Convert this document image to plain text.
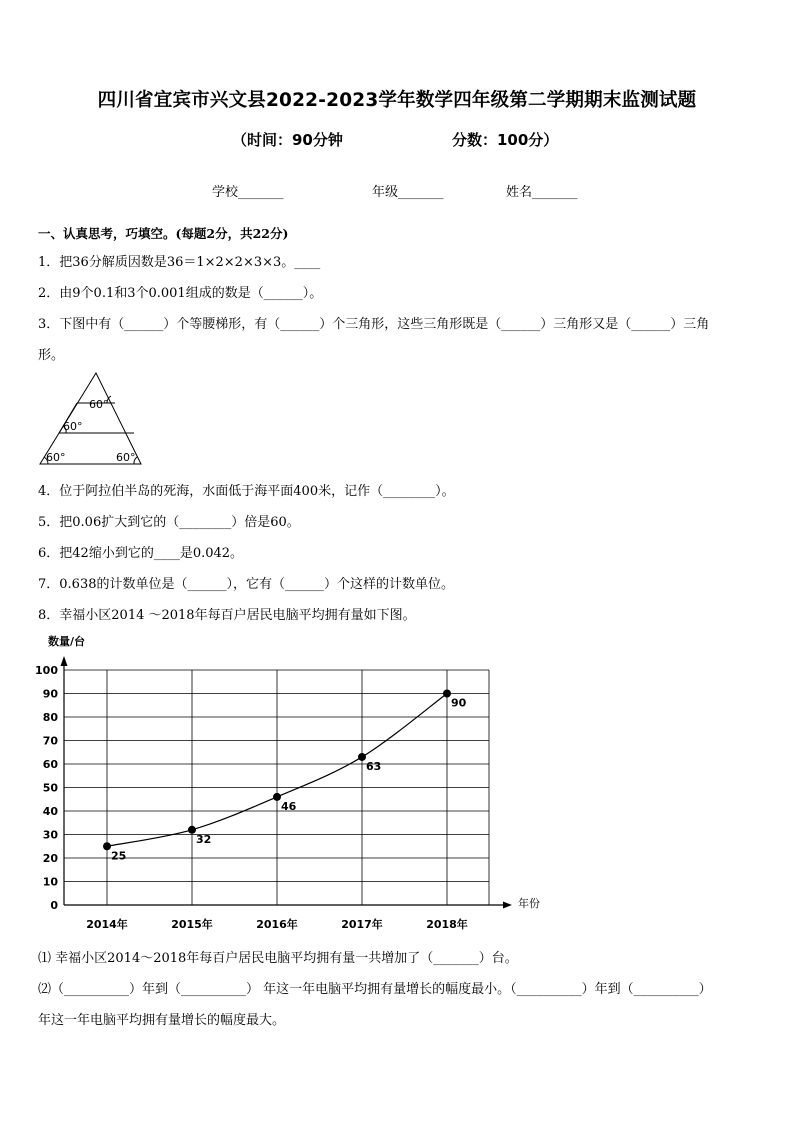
四川省宜宾市兴文县2022-2023学年数学四年级第二学期期末监测试题
（时间：90分钟	分数：100分）
学校_______	年级_______	姓名_______
一、认真思考，巧填空。(每题2分，共22分)
1．把36分解质因数是36＝1×2×2×3×3。____
2．由9个0.1和3个0.001组成的数是（______）。
3．下图中有（______）个等腰梯形，有（______）个三角形，这些三角形既是（______）三角形又是（______）三角
形。
60°
60°
60°	60°
4．位于阿拉伯半岛的死海，水面低于海平面400米，记作（________）。
5．把0.06扩大到它的（________）倍是60。
6．把42缩小到它的____是0.042。
7．0.638的计数单位是（______），它有（______）个这样的计数单位。
8．幸福小区2014 ～2018年每百户居民电脑平均拥有量如下图。
0
10
20
30
40
50
60
70
80
90
100
2014年	2015年	2016年	2017年	2018年
25
32
46
63
90
数量/台
年份
⑴ 幸福小区2014～2018年每百户居民电脑平均拥有量一共增加了（_______）台。
⑵（__________）年到（__________） 年这一年电脑平均拥有量增长的幅度最小。（__________）年到（__________）
年这一年电脑平均拥有量增长的幅度最大。
